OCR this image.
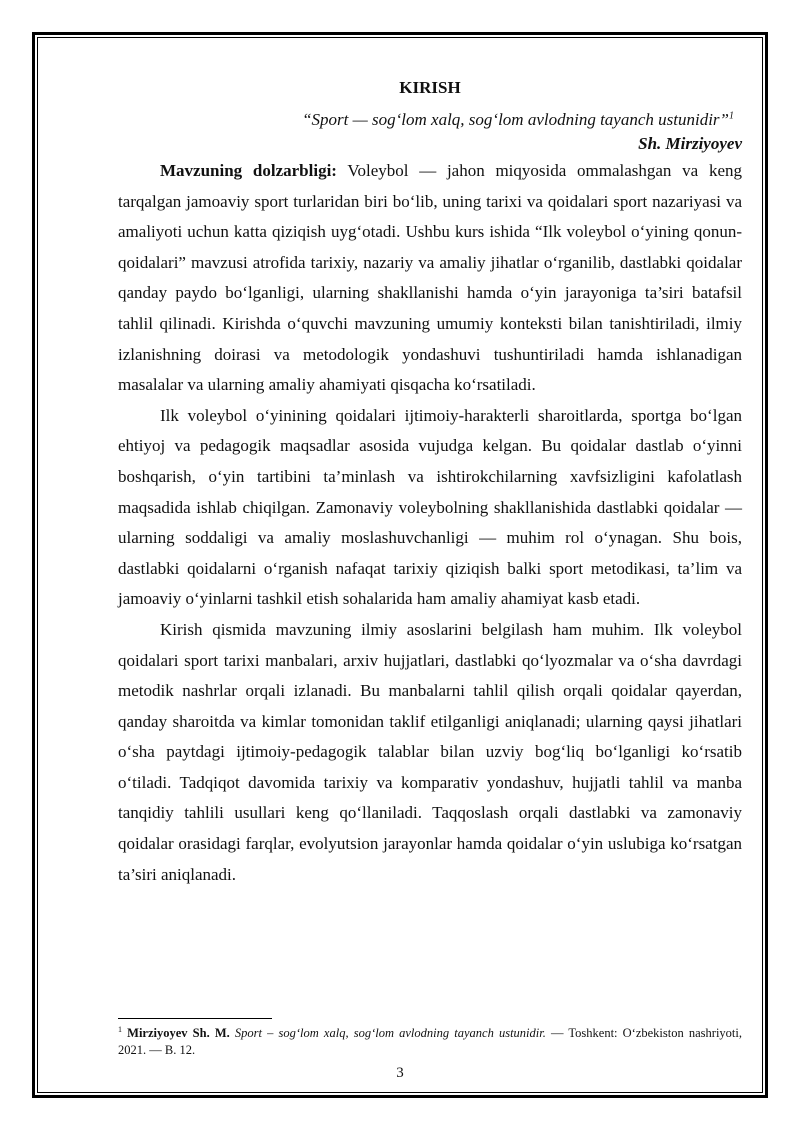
KIRISH
“Sport — sog‘lom xalq, sog‘lom avlodning tayanch ustunidir”$^1$
Sh. Mirziyoyev

Mavzuning dolzarbligi: Voleybol — jahon miqyosida ommalashgan va keng tarqalgan jamoaviy sport turlaridan biri bo‘lib, uning tarixi va qoidalari sport nazariyasi va amaliyoti uchun katta qiziqish uyg‘otadi. Ushbu kurs ishida “Ilk voleybol o‘yining qonun-qoidalari” mavzusi atrofida tarixiy, nazariy va amaliy jihatlar o‘rganilib, dastlabki qoidalar qanday paydo bo‘lganligi, ularning shakllanishi hamda o‘yin jarayoniga ta’siri batafsil tahlil qilinadi. Kirishda o‘quvchi mavzuning umumiy konteksti bilan tanishtiriladi, ilmiy izlanishning doirasi va metodologik yondashuvi tushuntiriladi hamda ishlanadigan masalalar va ularning amaliy ahamiyati qisqacha ko‘rsatiladi.

Ilk voleybol o‘yinining qoidalari ijtimoiy-harakterli sharoitlarda, sportga bo‘lgan ehtiyoj va pedagogik maqsadlar asosida vujudga kelgan. Bu qoidalar dastlab o‘yinni boshqarish, o‘yin tartibini ta’minlash va ishtirokchilarning xavfsizligini kafolatlash maqsadida ishlab chiqilgan. Zamonaviy voleybolning shakllanishida dastlabki qoidalar — ularning soddaligi va amaliy moslashuvchanligi — muhim rol o‘ynagan. Shu bois, dastlabki qoidalarni o‘rganish nafaqat tarixiy qiziqish balki sport metodikasi, ta’lim va jamoaviy o‘yinlarni tashkil etish sohalarida ham amaliy ahamiyat kasb etadi.

Kirish qismida mavzuning ilmiy asoslarini belgilash ham muhim. Ilk voleybol qoidalari sport tarixi manbalari, arxiv hujjatlari, dastlabki qo‘lyozmalar va o‘sha davrdagi metodik nashrlar orqali izlanadi. Bu manbalarni tahlil qilish orqali qoidalar qayerdan, qanday sharoitda va kimlar tomonidan taklif etilganligi aniqlanadi; ularning qaysi jihatlari o‘sha paytdagi ijtimoiy-pedagogik talablar bilan uzviy bog‘liq bo‘lganligi ko‘rsatib o‘tiladi. Tadqiqot davomida tarixiy va komparativ yondashuv, hujjatli tahlil va manba tanqidiy tahlili usullari keng qo‘llaniladi. Taqqoslash orqali dastlabki va zamonaviy qoidalar orasidagi farqlar, evolyutsion jarayonlar hamda qoidalar o‘yin uslubiga ko‘rsatgan ta’siri aniqlanadi.

$^1$ Mirziyoyev Sh. M. Sport – sog‘lom xalq, sog‘lom avlodning tayanch ustunidir. — Toshkent: O‘zbekiston nashriyoti, 2021. — B. 12.

3
